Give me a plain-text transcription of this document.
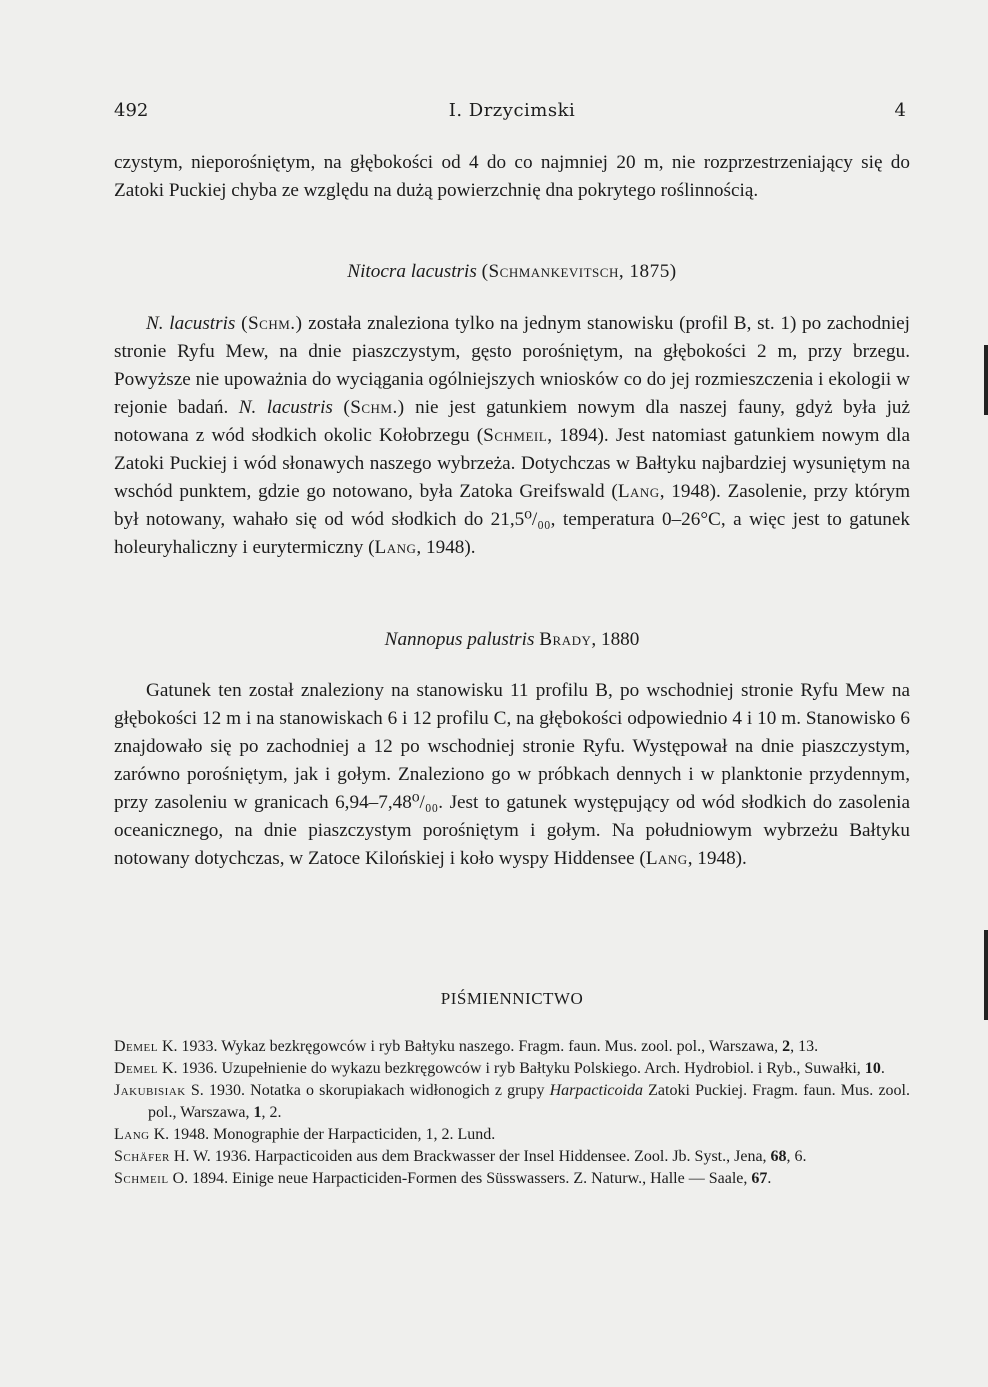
492	I. Drzycimski	4

czystym, nieporośniętym, na głębokości od 4 do co najmniej 20 m, nie rozprzestrzeniający się do Zatoki Puckiej chyba ze względu na dużą powierzchnię dna pokrytego roślinnością.

Nitocra lacustris (Schmankevitsch, 1875)

N. lacustris (Schm.) została znaleziona tylko na jednym stanowisku (profil B, st. 1) po zachodniej stronie Ryfu Mew, na dnie piaszczystym, gęsto porośniętym, na głębokości 2 m, przy brzegu. Powyższe nie upoważnia do wyciągania ogólniejszych wniosków co do jej rozmieszczenia i ekologii w rejonie badań. N. lacustris (Schm.) nie jest gatunkiem nowym dla naszej fauny, gdyż była już notowana z wód słodkich okolic Kołobrzegu (Schmeil, 1894). Jest natomiast gatunkiem nowym dla Zatoki Puckiej i wód słonawych naszego wybrzeża. Dotychczas w Bałtyku najbardziej wysuniętym na wschód punktem, gdzie go notowano, była Zatoka Greifswald (Lang, 1948). Zasolenie, przy którym był notowany, wahało się od wód słodkich do 21,5⁰/₀₀, temperatura 0–26°C, a więc jest to gatunek holeuryhaliczny i eurytermiczny (Lang, 1948).

Nannopus palustris Brady, 1880

Gatunek ten został znaleziony na stanowisku 11 profilu B, po wschodniej stronie Ryfu Mew na głębokości 12 m i na stanowiskach 6 i 12 profilu C, na głębokości odpowiednio 4 i 10 m. Stanowisko 6 znajdowało się po zachodniej a 12 po wschodniej stronie Ryfu. Występował na dnie piaszczystym, zarówno porośniętym, jak i gołym. Znaleziono go w próbkach dennych i w planktonie przydennym, przy zasoleniu w granicach 6,94–7,48⁰/₀₀. Jest to gatunek występujący od wód słodkich do zasolenia oceanicznego, na dnie piaszczystym porośniętym i gołym. Na południowym wybrzeżu Bałtyku notowany dotychczas, w Zatoce Kilońskiej i koło wyspy Hiddensee (Lang, 1948).

PIŚMIENNICTWO
Demel K. 1933. Wykaz bezkręgowców i ryb Bałtyku naszego. Fragm. faun. Mus. zool. pol., Warszawa, 2, 13.
Demel K. 1936. Uzupełnienie do wykazu bezkręgowców i ryb Bałtyku Polskiego. Arch. Hydrobiol. i Ryb., Suwałki, 10.
Jakubisiak S. 1930. Notatka o skorupiakach widłonogich z grupy Harpacticoida Zatoki Puckiej. Fragm. faun. Mus. zool. pol., Warszawa, 1, 2.
Lang K. 1948. Monographie der Harpacticiden, 1, 2. Lund.
Schäfer H. W. 1936. Harpacticoiden aus dem Brackwasser der Insel Hiddensee. Zool. Jb. Syst., Jena, 68, 6.
Schmeil O. 1894. Einige neue Harpacticiden-Formen des Süsswassers. Z. Naturw., Halle — Saale, 67.
